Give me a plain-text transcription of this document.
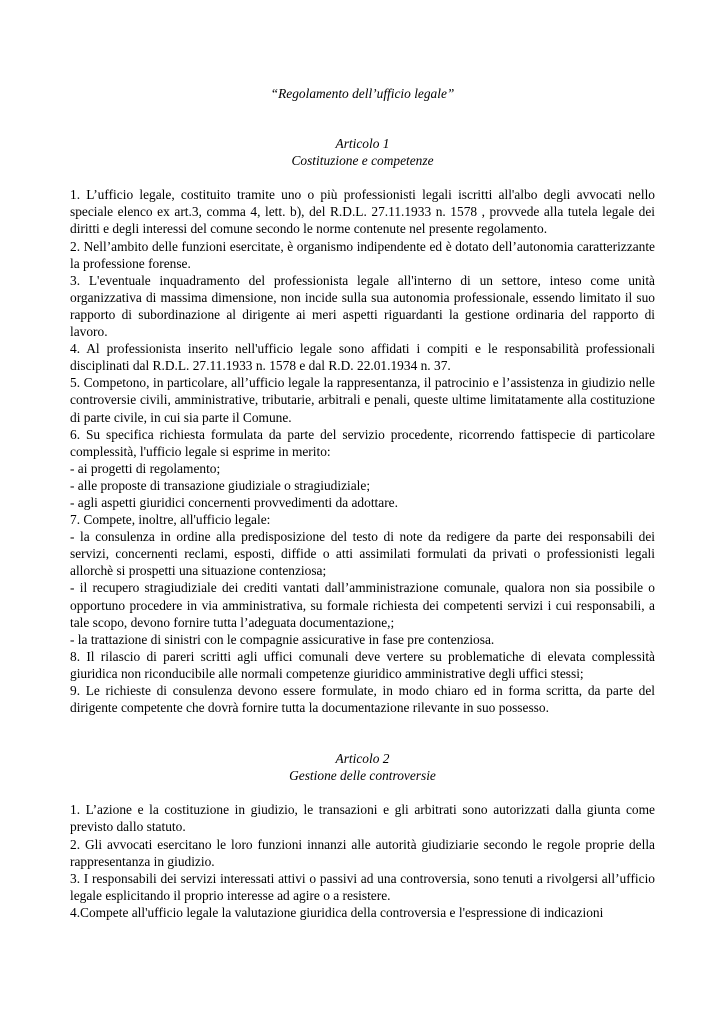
“Regolamento dell’ufficio legale”

Articolo 1

Costituzione e competenze

1. L’ufficio legale, costituito tramite uno o più professionisti legali iscritti all'albo degli avvocati nello speciale elenco ex art.3, comma 4, lett. b), del R.D.L. 27.11.1933 n. 1578 , provvede alla tutela legale dei diritti e degli interessi del comune secondo le norme contenute nel presente regolamento.

2. Nell’ambito delle funzioni esercitate, è organismo indipendente ed è dotato dell’autonomia caratterizzante la professione forense.

3. L'eventuale inquadramento del professionista legale all'interno di un settore, inteso come unità organizzativa di massima dimensione, non incide sulla sua autonomia professionale, essendo limitato il suo rapporto di subordinazione al dirigente ai meri aspetti riguardanti la gestione ordinaria del rapporto di lavoro.

4. Al professionista inserito nell'ufficio legale sono affidati i compiti e le responsabilità professionali disciplinati dal R.D.L. 27.11.1933 n. 1578 e dal R.D. 22.01.1934 n. 37.

5. Competono, in particolare, all’ufficio legale la rappresentanza, il patrocinio e l’assistenza in giudizio nelle controversie civili, amministrative, tributarie, arbitrali e penali, queste ultime limitatamente alla costituzione di parte civile, in cui sia parte il Comune.

6. Su specifica richiesta formulata da parte del servizio procedente, ricorrendo fattispecie di particolare complessità, l'ufficio legale si esprime in merito:

- ai progetti di regolamento;

- alle proposte di transazione giudiziale o stragiudiziale;

- agli aspetti giuridici concernenti provvedimenti da adottare.

7. Compete, inoltre, all'ufficio legale:

- la consulenza in ordine alla predisposizione del testo di note da redigere da parte dei responsabili dei servizi, concernenti reclami, esposti, diffide o atti assimilati formulati da privati o professionisti legali allorchè si prospetti una situazione contenziosa;

- il recupero stragiudiziale dei crediti vantati dall’amministrazione comunale, qualora non sia possibile o opportuno procedere in via amministrativa, su formale richiesta dei competenti servizi i cui responsabili, a tale scopo, devono fornire tutta l’adeguata documentazione,;

- la trattazione di sinistri con le compagnie assicurative in fase pre contenziosa.

8. Il rilascio di pareri scritti agli uffici comunali deve vertere su problematiche di elevata complessità giuridica non riconducibile alle normali competenze giuridico amministrative degli uffici stessi;

9. Le richieste di consulenza devono essere formulate, in modo chiaro ed in forma scritta, da parte del dirigente competente che dovrà fornire tutta la documentazione rilevante in suo possesso.

Articolo 2

Gestione delle controversie

1. L’azione e la costituzione in giudizio, le transazioni e gli arbitrati sono autorizzati dalla giunta come previsto dallo statuto.

2. Gli avvocati esercitano le loro funzioni innanzi alle autorità giudiziarie secondo le regole proprie della rappresentanza in giudizio.

3. I responsabili dei servizi interessati attivi o passivi ad una controversia, sono tenuti a rivolgersi all’ufficio legale esplicitando il proprio interesse ad agire o a resistere.

4.Compete all'ufficio legale la valutazione giuridica della controversia e l'espressione di indicazioni
